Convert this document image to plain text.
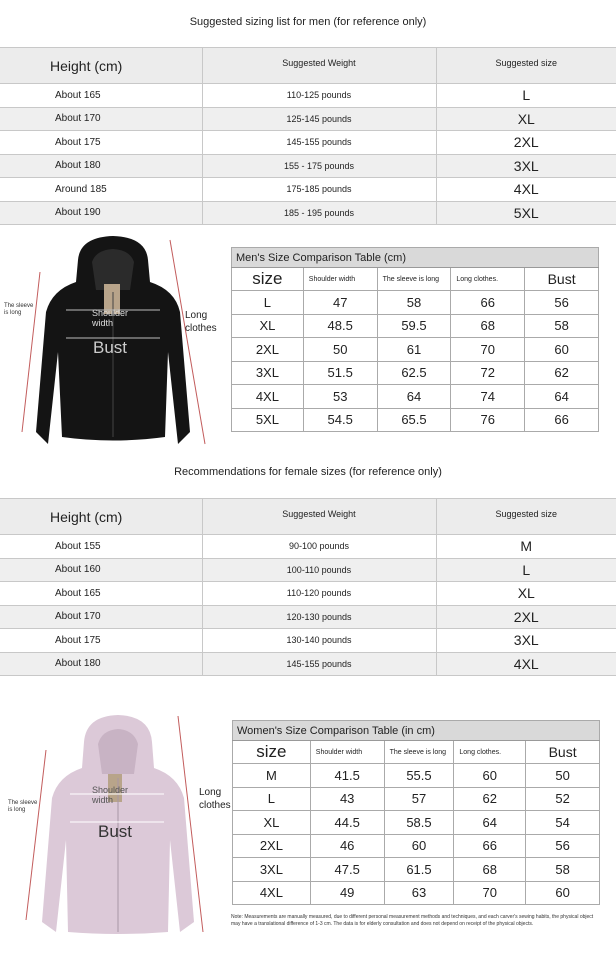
Suggested sizing list for men (for reference only)
Height (cm)	Suggested Weight	Suggested size
About 165	110-125 pounds	L
About 170	125-145 pounds	XL
About 175	145-155 pounds	2XL
About 180	155 - 175 pounds	3XL
Around 185	175-185 pounds	4XL
About 190	185 - 195 pounds	5XL
The sleeve is long	Shoulder width
Bust
Long clothes
Men's Size Comparison Table (cm)				
size	Shoulder width	The sleeve is long	Long clothes.	Bust
L	47	58	66	56
XL	48.5	59.5	68	58
2XL	50	61	70	60
3XL	51.5	62.5	72	62
4XL	53	64	74	64
5XL	54.5	65.5	76	66
Recommendations for female sizes (for reference only)
Height (cm)	Suggested Weight	Suggested size
About 155	90-100 pounds	M
About 160	100-110 pounds	L
About 165	110-120 pounds	XL
About 170	120-130 pounds	2XL
About 175	130-140 pounds	3XL
About 180	145-155 pounds	4XL
The sleeve is long
Shoulder width
Bust
Long clothes
Women's Size Comparison Table (in cm)				
size	Shoulder width	The sleeve is long	Long clothes.	Bust
M	41.5	55.5	60	50
L	43	57	62	52
XL	44.5	58.5	64	54
2XL	46	60	66	56
3XL	47.5	61.5	68	58
4XL	49	63	70	60
Note: Measurements are manually measured, due to different personal measurement methods and techniques, and each carver's sewing habits, the physical object may have a translational difference of 1-3 cm. The data is for elderly consultation and does not depend on receipt of the physical objects.
